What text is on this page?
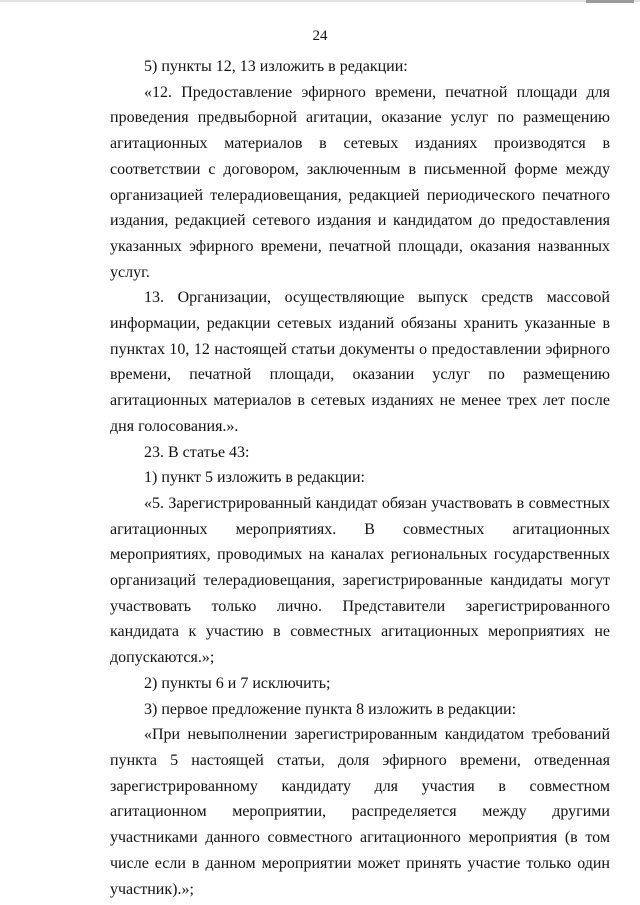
24

5) пункты 12, 13 изложить в редакции:

«12. Предоставление эфирного времени, печатной площади для проведения предвыборной агитации, оказание услуг по размещению агитационных материалов в сетевых изданиях производятся в соответствии с договором, заключенным в письменной форме между организацией телерадиовещания, редакцией периодического печатного издания, редакцией сетевого издания и кандидатом до предоставления указанных эфирного времени, печатной площади, оказания названных услуг.

13. Организации, осуществляющие выпуск средств массовой информации, редакции сетевых изданий обязаны хранить указанные в пунктах 10, 12 настоящей статьи документы о предоставлении эфирного времени, печатной площади, оказании услуг по размещению агитационных материалов в сетевых изданиях не менее трех лет после дня голосования.».

23. В статье 43:

1) пункт 5 изложить в редакции:

«5. Зарегистрированный кандидат обязан участвовать в совместных агитационных мероприятиях. В совместных агитационных мероприятиях, проводимых на каналах региональных государственных организаций телерадиовещания, зарегистрированные кандидаты могут участвовать только лично. Представители зарегистрированного кандидата к участию в совместных агитационных мероприятиях не допускаются.»;

2) пункты 6 и 7 исключить;

3) первое предложение пункта 8 изложить в редакции:

«При невыполнении зарегистрированным кандидатом требований пункта 5 настоящей статьи, доля эфирного времени, отведенная зарегистрированному кандидату для участия в совместном агитационном мероприятии, распределяется между другими участниками данного совместного агитационного мероприятия (в том числе если в данном мероприятии может принять участие только один участник).»;
